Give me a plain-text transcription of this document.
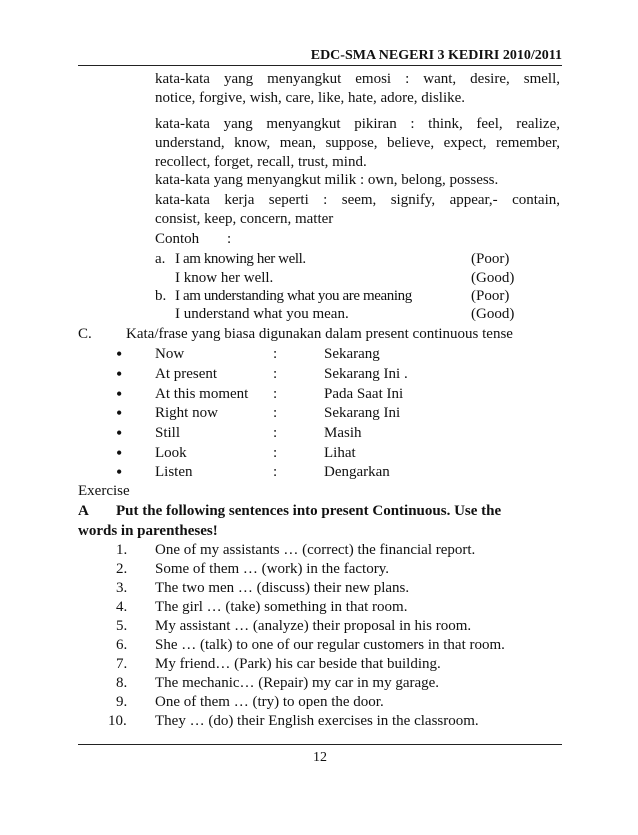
EDC-SMA NEGERI 3 KEDIRI 2010/2011
kata-kata yang menyangkut emosi : want, desire, smell,
notice, forgive, wish, care, like, hate, adore, dislike.
kata-kata yang menyangkut pikiran : think, feel, realize,
understand, know, mean, suppose, believe, expect, remember,
recollect, forget, recall, trust, mind.
kata-kata yang menyangkut milik : own, belong, possess.
kata-kata kerja seperti : seem, signify, appear,- contain,
consist, keep, concern, matter
Contoh :
a. I am knowing her well.	(Poor)
I know her well.	(Good)
b. I am understanding what you are meaning	(Poor)
I understand what you mean.	(Good)
C. Kata/frase yang biasa digunakan dalam present continuous tense
•
Now	:	Sekarang
•
At present	:	Sekarang Ini .
•
At this moment :	Pada Saat Ini
•
Right now	:	Sekarang Ini
•
Still	:	Masih
•
Look	:	Lihat
•
Listen	:	Dengarkan
Exercise
A Put the following sentences into present Continuous. Use the
words in parentheses!
1. One of my assistants … (correct) the financial report.
2. Some of them … (work) in the factory.
3. The two men … (discuss) their new plans.
4. The girl … (take) something in that room.
5. My assistant … (analyze) their proposal in his room.
6. She … (talk) to one of our regular customers in that room.
7. My friend… (Park) his car beside that building.
8. The mechanic… (Repair) my car in my garage.
9. One of them … (try) to open the door.
10. They … (do) their English exercises in the classroom.
12
